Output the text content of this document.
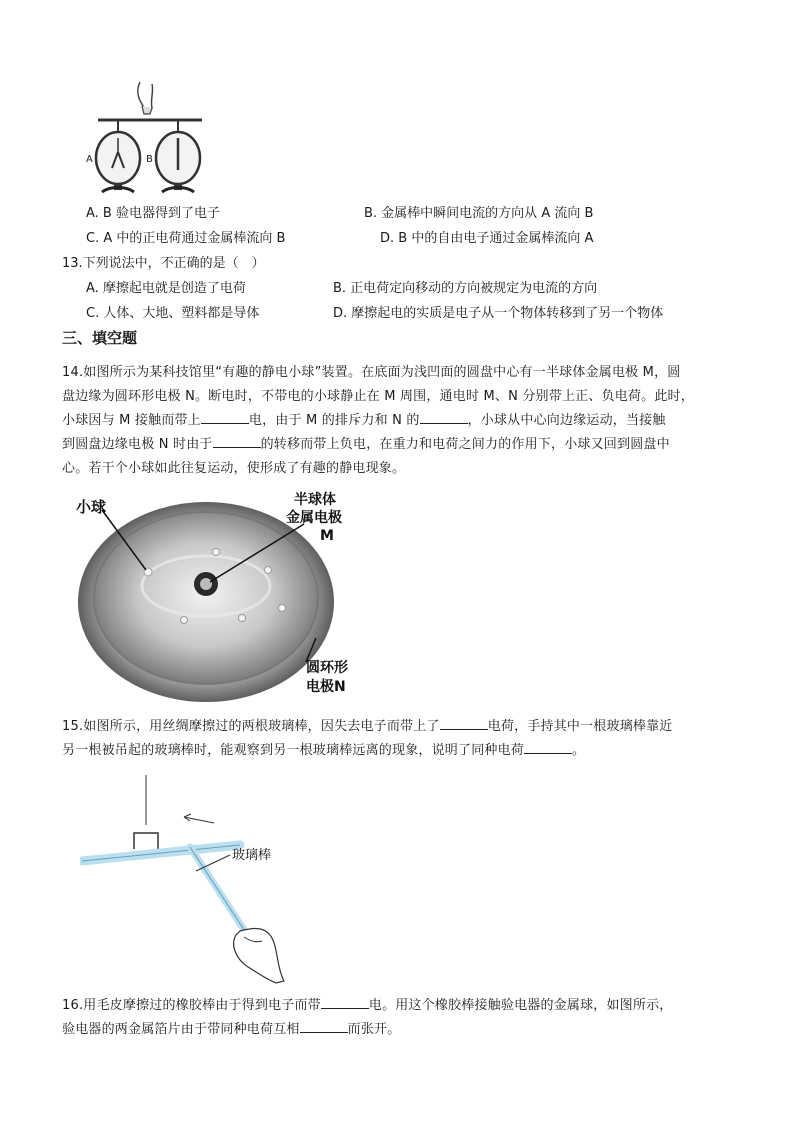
A	B
A. B 验电器得到了电子	B. 金属棒中瞬间电流的方向从 A 流向 B
C. A 中的正电荷通过金属棒流向 B	D. B 中的自由电子通过金属棒流向 A
13.下列说法中，不正确的是（　）
A. 摩擦起电就是创造了电荷	B. 正电荷定向移动的方向被规定为电流的方向
C. 人体、大地、塑料都是导体	D. 摩擦起电的实质是电子从一个物体转移到了另一个物体
三、填空题
14.如图所示为某科技馆里“有趣的静电小球”装置。在底面为浅凹面的圆盘中心有一半球体金属电极 M，圆
盘边缘为圆环形电极 N。断电时，不带电的小球静止在 M 周围，通电时 M、N 分别带上正、负电荷。此时，
小球因与 M 接触而带上	电，由于 M 的排斥力和 N 的	，小球从中心向边缘运动，当接触
到圆盘边缘电极 N 时由于	的转移而带上负电，在重力和电荷之间力的作用下，小球又回到圆盘中
心。若干个小球如此往复运动，使形成了有趣的静电现象。
小球	半球体
金属电极
M
圆环形
电极N
15.如图所示，用丝绸摩擦过的两根玻璃棒，因失去电子而带上了	电荷，手持其中一根玻璃棒靠近
另一根被吊起的玻璃棒时，能观察到另一根玻璃棒远离的现象，说明了同种电荷	。
玻璃棒
16.用毛皮摩擦过的橡胶棒由于得到电子而带	电。用这个橡胶棒接触验电器的金属球，如图所示，
验电器的两金属箔片由于带同种电荷互相	而张开。
